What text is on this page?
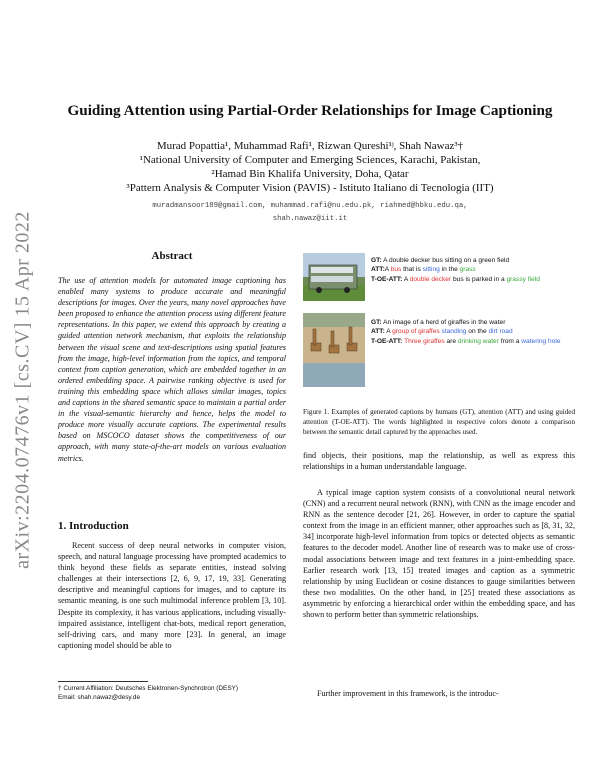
arXiv:2204.07476v1 [cs.CV] 15 Apr 2022
Guiding Attention using Partial-Order Relationships for Image Captioning
Murad Popattia¹, Muhammad Rafi¹, Rizwan Qureshi¹ʲ, Shah Nawaz³†
¹National University of Computer and Emerging Sciences, Karachi, Pakistan,
²Hamad Bin Khalifa University, Doha, Qatar
³Pattern Analysis & Computer Vision (PAVIS) - Istituto Italiano di Tecnologia (IIT)
muradmansoor189@gmail.com, muhammad.rafi@nu.edu.pk, riahmed@hbku.edu.qa,
shah.nawaz@iit.it
Abstract
The use of attention models for automated image captioning has enabled many systems to produce accurate and meaningful descriptions for images. Over the years, many novel approaches have been proposed to enhance the attention process using different feature representations. In this paper, we extend this approach by creating a guided attention network mechanism, that exploits the relationship between the visual scene and text-descriptions using spatial features from the image, high-level information from the topics, and temporal context from caption generation, which are embedded together in an ordered embedding space. A pairwise ranking objective is used for training this embedding space which allows similar images, topics and captions in the shared semantic space to maintain a partial order in the visual-semantic hierarchy and hence, helps the model to produce more visually accurate captions. The experimental results based on MSCOCO dataset shows the competitiveness of our approach, with many state-of-the-art models on various evaluation metrics.
1. Introduction
Recent success of deep neural networks in computer vision, speech, and natural language processing have prompted academics to think beyond these fields as separate entities, instead solving challenges at their intersections [2, 6, 9, 17, 19, 33]. Generating descriptive and meaningful captions for images, and to capture its semantic meaning, is one such multimodal inference problem [3, 10]. Despite its complexity, it has various applications, including visually-impaired assistance, intelligent chat-bots, medical report generation, self-driving cars, and many more [23]. In general, an image captioning model should be able to
† Current Affiliation: Deutsches Elektronen-Synchrotron (DESY)
Email: shah.nawaz@desy.de
GT: A double decker bus sitting on a green field
ATT:A bus that is sitting in the grass
T-OE-ATT: A double decker bus is parked in a grassy field
GT: An image of a herd of giraffes in the water
ATT: A group of giraffes standing on the dirt road
T-OE-ATT: Three giraffes are drinking water from a watering hole
Figure 1. Examples of generated captions by humans (GT), attention (ATT) and using guided attention (T-OE-ATT). The words highlighted in respective colors denote a comparison between the semantic detail captured by the approaches used.
find objects, their positions, map the relationship, as well as express this relationships in a human understandable language.
A typical image caption system consists of a convolutional neural network (CNN) and a recurrent neural network (RNN), with CNN as the image encoder and RNN as the sentence decoder [21, 26]. However, in order to capture the spatial context from the image in an efficient manner, other approaches such as [8, 31, 32, 34] incorporate high-level information from topics or detected objects as semantic features to the decoder model. Another line of research was to make use of cross-modal associations between image and text features in a joint-embedding space. Earlier research work [13, 15] treated images and caption as a symmetric relationship by using Euclidean or cosine distances to gauge similarities between these two modalities. On the other hand, in [25] treated these associations as asymmetric by enforcing a hierarchical order within the embedding space, and has shown to perform better than symmetric relationships.
Further improvement in this framework, is the introduc-
